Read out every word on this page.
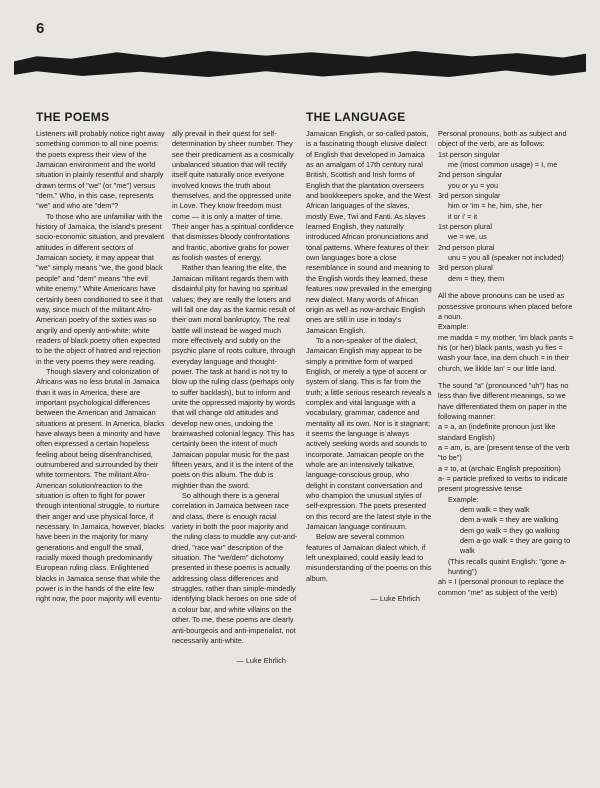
6
THE POEMS	THE LANGUAGE

Listeners will probably notice right away something common to all nine poems: the poets express their view of the Jamaican environment and the world situation in plainly resentful and sharply drawn terms of "we" (or "me") versus "dem." Who, in this case, represents "we" and who are "dem"?

To those who are unfamiliar with the history of Jamaica, the island's present socio-economic situation, and prevalent attitudes in different sectors of Jamaican society, it may appear that "we" simply means "we, the good black people" and "dem" means "the evil white enemy." White Americans have certainly been conditioned to see it that way, since much of the militant Afro-American poetry of the sixties was so angrily and openly anti-white: white readers of black poetry often expected to be the object of hatred and rejection in the very poems they were reading.

Though slavery and colonization of Africans was no less brutal in Jamaica than it was in America, there are important psychological differences between the American and Jamaican situations at present. In America, blacks have always been a minority and have often expressed a certain hopeless feeling about being disenfranchised, outnumbered and surrounded by their white tormentors. The militant Afro-American solution/reaction to the situation is often to fight for power through intentional struggle, to nurture their anger and use physical force, if necessary. In Jamaica, however, blacks have been in the majority for many generations and engulf the small, racially mixed though predominantly European ruling class. Enlightened blacks in Jamaica sense that while the power is in the hands of the elite few right now, the poor majority will eventu-

ally prevail in their quest for self-determination by sheer number. They see their predicament as a cosmically unbalanced situation that will rectify itself quite naturally once everyone involved knows the truth about themselves, and the oppressed unite in Love. They know freedom must come — it is only a matter of time. Their anger has a spiritual confidence that dismisses bloody confrontations and frantic, abortive grabs for power as foolish wastes of energy.

Rather than fearing the elite, the Jamaican militant regards them with disdainful pity for having no spiritual values; they are really the losers and will fall one day as the karmic result of their own moral bankruptcy. The real battle will instead be waged much more effectively and subtly on the psychic plane of roots culture, through everyday language and thought-power. The task at hand is not try to blow up the ruling class (perhaps only to suffer backlash), but to inform and unite the oppressed majority by words that will change old attitudes and develop new ones, undoing the brainwashed colonial legacy. This has certainly been the intent of much Jamaican popular music for the past fifteen years, and it is the intent of the poets on this album. The dub is mightier than the sword.

So although there is a general correlation in Jamaica between race and class, there is enough racial variety in both the poor majority and the ruling class to muddle any cut-and-dried, "race war" description of the situation. The "we/dem" dichotomy presented in these poems is actually addressing class differences and struggles, rather than simple-mindedly identifying black heroes on one side of a colour bar, and white villains on the other. To me, these poems are clearly anti-bourgeois and anti-imperialist, not necessarily anti-white.

— Luke Ehrlich

Jamaican English, or so-called patois, is a fascinating though elusive dialect of English that developed in Jamaica as an amalgam of 17th century rural British, Scottish and Irish forms of English that the plantation overseers and bookkeepers spoke, and the West African languages of the slaves, mostly Ewe, Twi and Fanti. As slaves learned English, they naturally introduced African pronunciations and tonal patterns. Where features of their own languages bore a close resemblance in sound and meaning to the English words they learned, these features now prevailed in the emerging new dialect. Many words of African origin as well as now-archaic English ones are still in use in today's Jamaican English.

To a non-speaker of the dialect, Jamaican English may appear to be simply a primitive form of warped English, or merely a type of accent or system of slang. This is far from the truth; a little serious research reveals a complex and vital language with a vocabulary, grammar, cadence and mentality all its own. Nor is it stagnant; it seems the language is always actively seeking words and sounds to incorporate. Jamaican people on the whole are an intensively talkative, language-conscious group, who delight in constant conversation and who champion the unusual styles of self-expression. The poets presented on this record are the latest style in the Jamaican language continuum.

Below are several common features of Jamaican dialect which, if left unexplained, could easily lead to misunderstanding of the poems on this album.

— Luke Ehrlich

Personal pronouns, both as subject and object of the verb, are as follows:

1st person singular

me (most common usage) = I, me

2nd person singular

you or yu = you

3rd person singular

him or 'im = he, him, she, her

it or i' = it

1st person plural

we = we, us

2nd person plural

unu = you all (speaker not included)

3rd person plural

dem = they, them

All the above pronouns can be used as possessive pronouns when placed before a noun.

Example:

me madda = my mother, 'im black pants = his (or her) black pants, wash yu fies = wash your face, ina dem chuch = in their church, we likkle lan' = our little land.

The sound "a" (pronounced "uh") has no less than five different meanings, so we have differentiated them on paper in the following manner:

a = a, an (indefinite pronoun just like standard English)

a = am, is, are (present tense of the verb "to be")

a = to, at (archaic English preposition)

a- = particle prefixed to verbs to indicate present progressive tense

Example:

dem walk = they walk

dem a-walk = they are walking

dem go walk = they go walking

dem a-go walk = they are going to walk

(This recalls quaint English: "gone a-hunting")

ah = I (personal pronoun to replace the common "me" as subject of the verb)
